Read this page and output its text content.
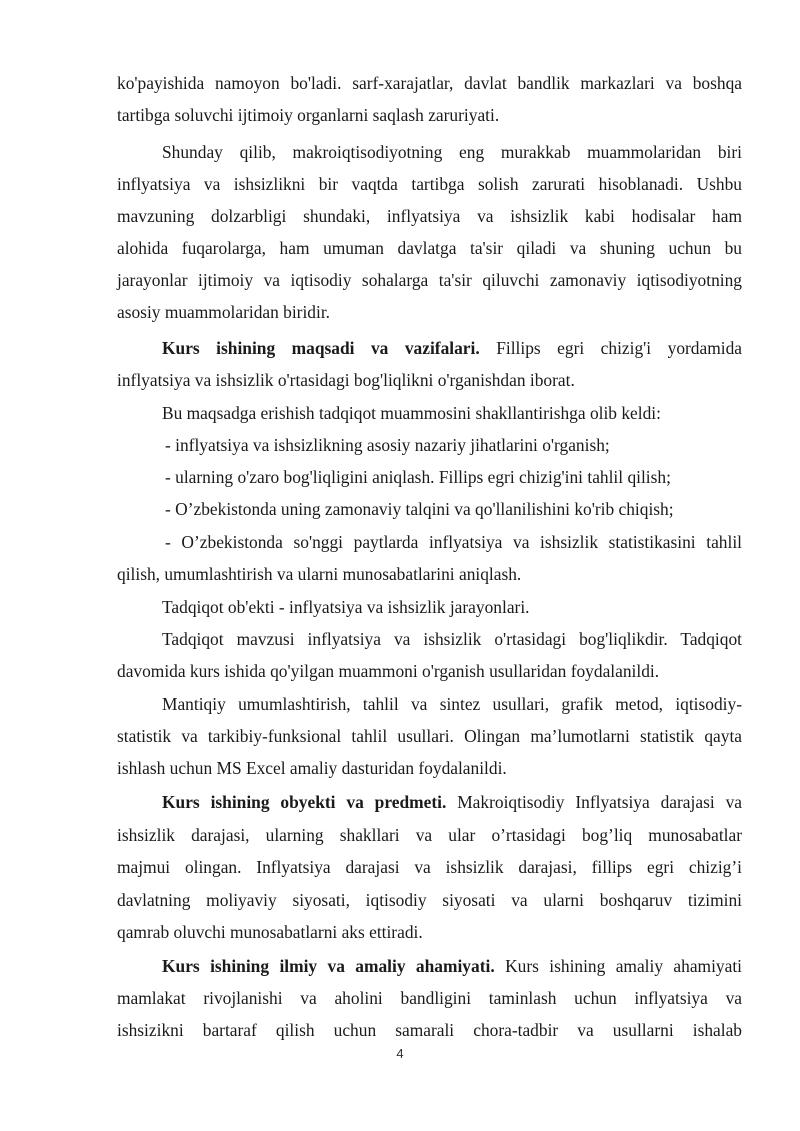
ko'payishida namoyon bo'ladi. sarf-xarajatlar, davlat bandlik markazlari va boshqa
tartibga soluvchi ijtimoiy organlarni saqlash zaruriyati.
Shunday qilib, makroiqtisodiyotning eng murakkab muammolaridan biri
inflyatsiya va ishsizlikni bir vaqtda tartibga solish zarurati hisoblanadi. Ushbu
mavzuning dolzarbligi shundaki, inflyatsiya va ishsizlik kabi hodisalar ham
alohida fuqarolarga, ham umuman davlatga ta'sir qiladi va shuning uchun bu
jarayonlar ijtimoiy va iqtisodiy sohalarga ta'sir qiluvchi zamonaviy iqtisodiyotning
asosiy muammolaridan biridir.
Kurs ishining maqsadi va vazifalari. Fillips egri chizig'i yordamida
inflyatsiya va ishsizlik o'rtasidagi bog'liqlikni o'rganishdan iborat.
Bu maqsadga erishish tadqiqot muammosini shakllantirishga olib keldi:
- inflyatsiya va ishsizlikning asosiy nazariy jihatlarini o'rganish;
- ularning o'zaro bog'liqligini aniqlash. Fillips egri chizig'ini tahlil qilish;
- O’zbekistonda uning zamonaviy talqini va qo'llanilishini ko'rib chiqish;
- O’zbekistonda so'nggi paytlarda inflyatsiya va ishsizlik statistikasini tahlil
qilish, umumlashtirish va ularni munosabatlarini aniqlash.
Tadqiqot ob'ekti - inflyatsiya va ishsizlik jarayonlari.
Tadqiqot mavzusi inflyatsiya va ishsizlik o'rtasidagi bog'liqlikdir. Tadqiqot
davomida kurs ishida qo'yilgan muammoni o'rganish usullaridan foydalanildi.
Mantiqiy umumlashtirish, tahlil va sintez usullari, grafik metod, iqtisodiy-
statistik va tarkibiy-funksional tahlil usullari. Olingan ma’lumotlarni statistik qayta
ishlash uchun MS Excel amaliy dasturidan foydalanildi.
Kurs ishining obyekti va predmeti. Makroiqtisodiy Inflyatsiya darajasi va
ishsizlik darajasi, ularning shakllari va ular o’rtasidagi bog’liq munosabatlar
majmui olingan. Inflyatsiya darajasi va ishsizlik darajasi, fillips egri chizig’i
davlatning moliyaviy siyosati, iqtisodiy siyosati va ularni boshqaruv tizimini
qamrab oluvchi munosabatlarni aks ettiradi.
Kurs ishining ilmiy va amaliy ahamiyati. Kurs ishining amaliy ahamiyati
mamlakat rivojlanishi va aholini bandligini taminlash uchun inflyatsiya va
ishsizikni bartaraf qilish uchun samarali chora-tadbir va usullarni ishalab
4
